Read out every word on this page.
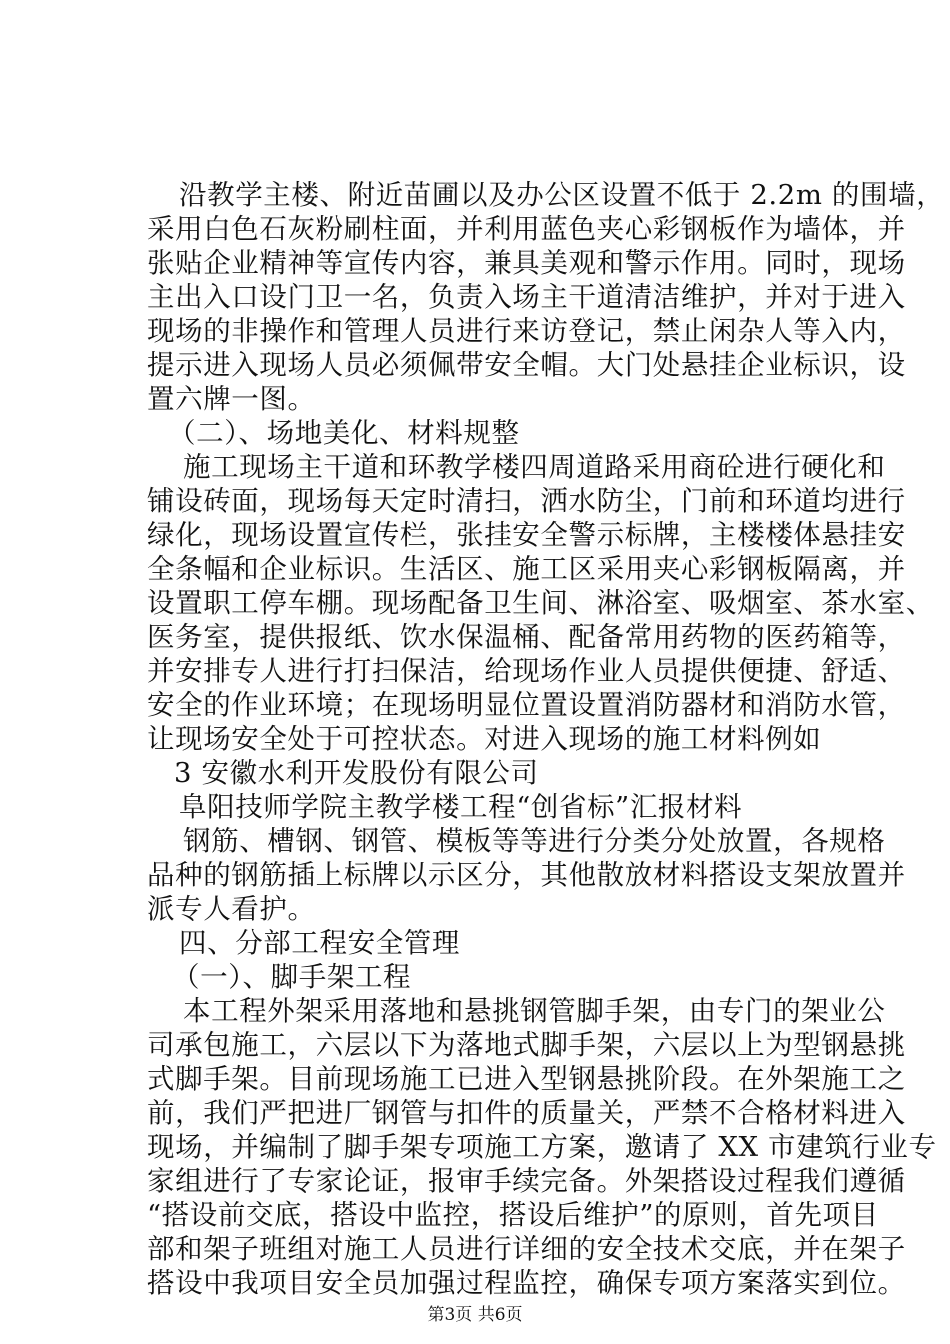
沿教学主楼、附近苗圃以及办公区设置不低于 2.2m 的围墙，
采用白色石灰粉刷柱面，并利用蓝色夹心彩钢板作为墙体，并
张贴企业精神等宣传内容，兼具美观和警示作用。同时，现场
主出入口设门卫一名，负责入场主干道清洁维护，并对于进入
现场的非操作和管理人员进行来访登记，禁止闲杂人等入内，
提示进入现场人员必须佩带安全帽。大门处悬挂企业标识，设
置六牌一图。
（二）、场地美化、材料规整
施工现场主干道和环教学楼四周道路采用商砼进行硬化和
铺设砖面，现场每天定时清扫，洒水防尘，门前和环道均进行
绿化，现场设置宣传栏，张挂安全警示标牌，主楼楼体悬挂安
全条幅和企业标识。生活区、施工区采用夹心彩钢板隔离，并
设置职工停车棚。现场配备卫生间、淋浴室、吸烟室、茶水室、
医务室，提供报纸、饮水保温桶、配备常用药物的医药箱等，
并安排专人进行打扫保洁，给现场作业人员提供便捷、舒适、
安全的作业环境；在现场明显位置设置消防器材和消防水管，
让现场安全处于可控状态。对进入现场的施工材料例如
3 安徽水利开发股份有限公司
阜阳技师学院主教学楼工程“创省标”汇报材料
钢筋、槽钢、钢管、模板等等进行分类分处放置，各规格
品种的钢筋插上标牌以示区分，其他散放材料搭设支架放置并
派专人看护。
四、分部工程安全管理
（一）、脚手架工程
本工程外架采用落地和悬挑钢管脚手架，由专门的架业公
司承包施工，六层以下为落地式脚手架，六层以上为型钢悬挑
式脚手架。目前现场施工已进入型钢悬挑阶段。在外架施工之
前，我们严把进厂钢管与扣件的质量关，严禁不合格材料进入
现场，并编制了脚手架专项施工方案，邀请了 XX 市建筑行业专
家组进行了专家论证，报审手续完备。外架搭设过程我们遵循
“搭设前交底，搭设中监控，搭设后维护”的原则，首先项目
部和架子班组对施工人员进行详细的安全技术交底，并在架子
搭设中我项目安全员加强过程监控，确保专项方案落实到位。
第3页 共6页
